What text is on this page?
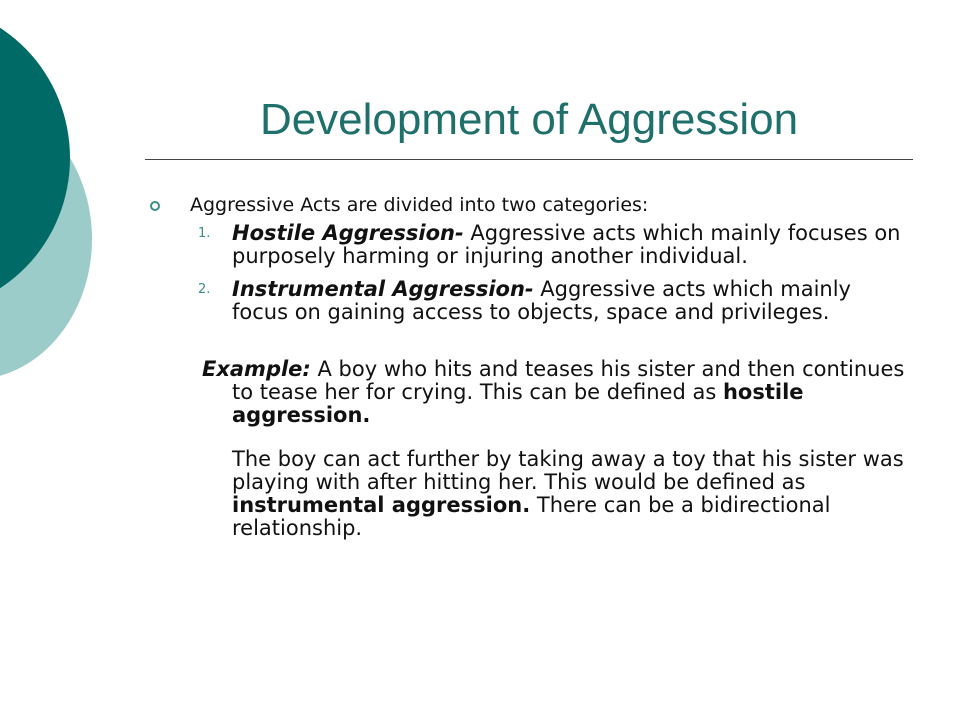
Development of Aggression

Aggressive Acts are divided into two categories:

1. Hostile Aggression- Aggressive acts which mainly focuses on purposely harming or injuring another individual.
2. Instrumental Aggression- Aggressive acts which mainly focus on gaining access to objects, space and privileges.

Example: A boy who hits and teases his sister and then continues to tease her for crying. This can be defined as hostile aggression.

The boy can act further by taking away a toy that his sister was playing with after hitting her. This would be defined as instrumental aggression. There can be a bidirectional relationship.
